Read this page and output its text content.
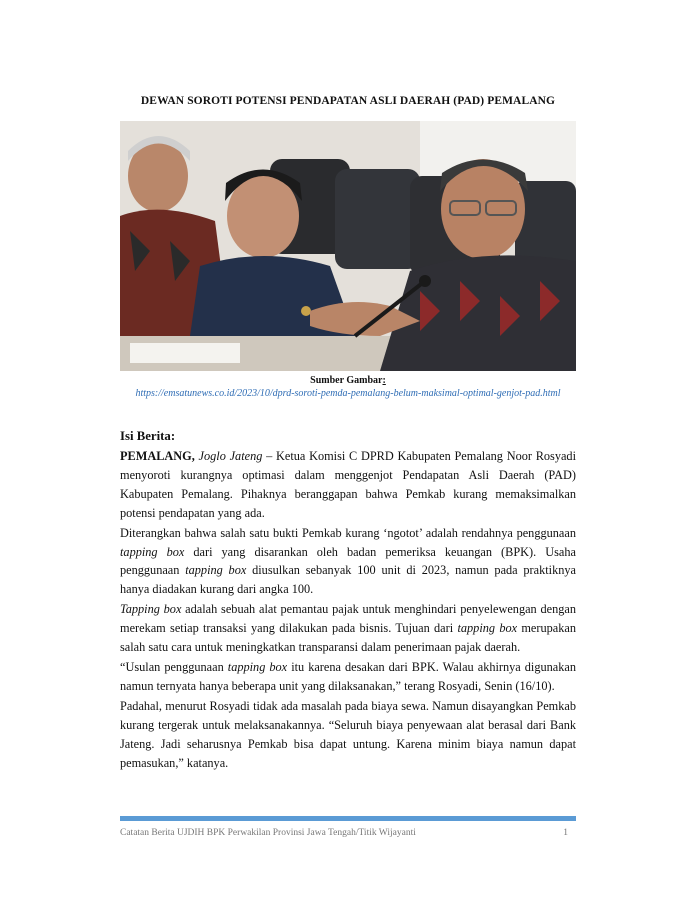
DEWAN SOROTI POTENSI PENDAPATAN ASLI DAERAH (PAD) PEMALANG
Sumber Gambar:
https://emsatunews.co.id/2023/10/dprd-soroti-pemda-pemalang-belum-maksimal-optimal-genjot-pad.html
Isi Berita:

PEMALANG, Joglo Jateng – Ketua Komisi C DPRD Kabupaten Pemalang Noor Rosyadi menyoroti kurangnya optimasi dalam menggenjot Pendapatan Asli Daerah (PAD) Kabupaten Pemalang. Pihaknya beranggapan bahwa Pemkab kurang memaksimalkan potensi pendapatan yang ada.

Diterangkan bahwa salah satu bukti Pemkab kurang ‘ngotot’ adalah rendahnya penggunaan tapping box dari yang disarankan oleh badan pemeriksa keuangan (BPK). Usaha penggunaan tapping box diusulkan sebanyak 100 unit di 2023, namun pada praktiknya hanya diadakan kurang dari angka 100.

Tapping box adalah sebuah alat pemantau pajak untuk menghindari penyelewengan dengan merekam setiap transaksi yang dilakukan pada bisnis. Tujuan dari tapping box merupakan salah satu cara untuk meningkatkan transparansi dalam penerimaan pajak daerah.

“Usulan penggunaan tapping box itu karena desakan dari BPK. Walau akhirnya digunakan namun ternyata hanya beberapa unit yang dilaksanakan,” terang Rosyadi, Senin (16/10).

Padahal, menurut Rosyadi tidak ada masalah pada biaya sewa. Namun disayangkan Pemkab kurang tergerak untuk melaksanakannya. “Seluruh biaya penyewaan alat berasal dari Bank Jateng. Jadi seharusnya Pemkab bisa dapat untung. Karena minim biaya namun dapat pemasukan,” katanya.

Catatan Berita UJDIH BPK Perwakilan Provinsi Jawa Tengah/Titik Wijayanti	1
